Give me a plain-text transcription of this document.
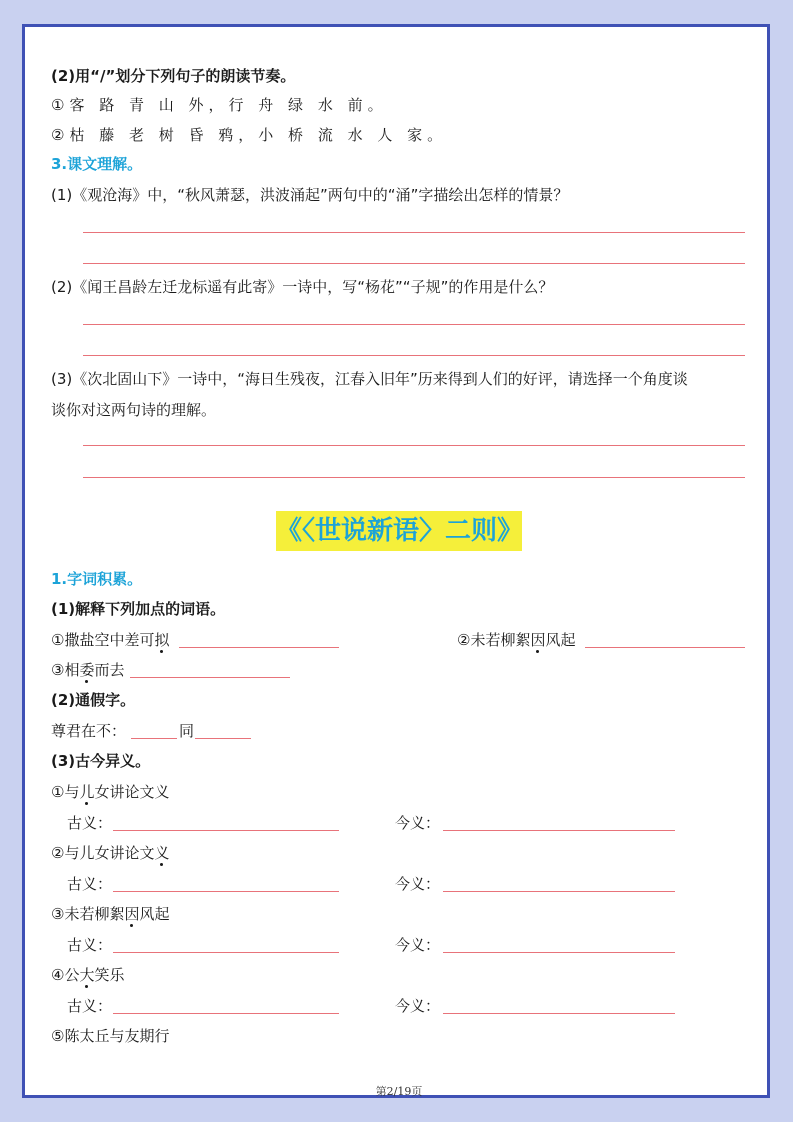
(2)用“/”划分下列句子的朗读节奏。
①客 路 青 山 外，行 舟 绿 水 前。
②枯 藤 老 树 昏 鸦，小 桥 流 水 人 家。
3.课文理解。
(1)《观沧海》中，“秋风萧瑟，洪波涌起”两句中的“涌”字描绘出怎样的情景？
(2)《闻王昌龄左迁龙标遥有此寄》一诗中，写“杨花”“子规”的作用是什么？
(3)《次北固山下》一诗中，“海日生残夜，江春入旧年”历来得到人们的好评，请选择一个角度谈
谈你对这两句诗的理解。
《〈世说新语〉二则》
1.字词积累。
(1)解释下列加点的词语。
①撒盐空中差可拟	②未若柳絮因风起
③相委而去
(2)通假字。
尊君在不：	同
(3)古今异义。
①与儿女讲论文义
古义：	今义：
②与儿女讲论文义
古义：	今义：
③未若柳絮因风起
古义：	今义：
④公大笑乐
古义：	今义：
⑤陈太丘与友期行
第2/19页
